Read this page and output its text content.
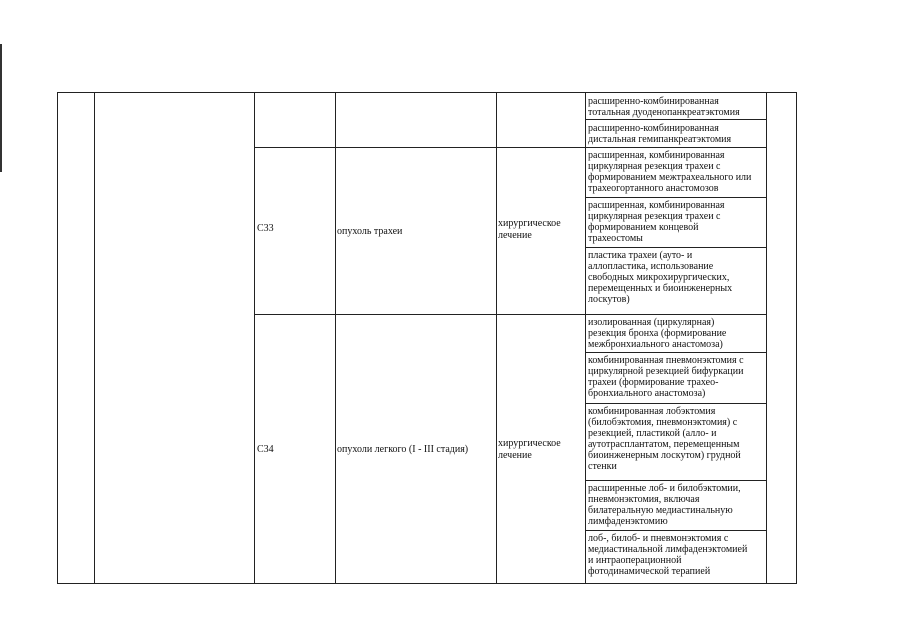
расширенно-комбинированная
тотальная дуоденопанкреатэктомия
расширенно-комбинированная
дистальная гемипанкреатэктомия
C33	опухоль трахеи
хирургическое
лечение
расширенная, комбинированная
циркулярная резекция трахеи с
формированием межтрахеального или
трахеогортанного анастомозов
расширенная, комбинированная
циркулярная резекция трахеи с
формированием концевой
трахеостомы
пластика трахеи (ауто- и
аллопластика, использование
свободных микрохирургических,
перемещенных и биоинженерных
лоскутов)
C34	опухоли легкого (I - III стадия)
хирургическое
лечение
изолированная (циркулярная)
резекция бронха (формирование
межбронхиального анастомоза)
комбинированная пневмонэктомия с
циркулярной резекцией бифуркации
трахеи (формирование трахео-
бронхиального анастомоза)
комбинированная лобэктомия
(билобэктомия, пневмонэктомия) с
резекцией, пластикой (алло- и
аутотрасплантатом, перемещенным
биоинженерным лоскутом) грудной
стенки
расширенные лоб- и билобэктомии,
пневмонэктомия, включая
билатеральную медиастинальную
лимфаденэктомию
лоб-, билоб- и пневмонэктомия с
медиастинальной лимфаденэктомией
и интраоперационной
фотодинамической терапией
